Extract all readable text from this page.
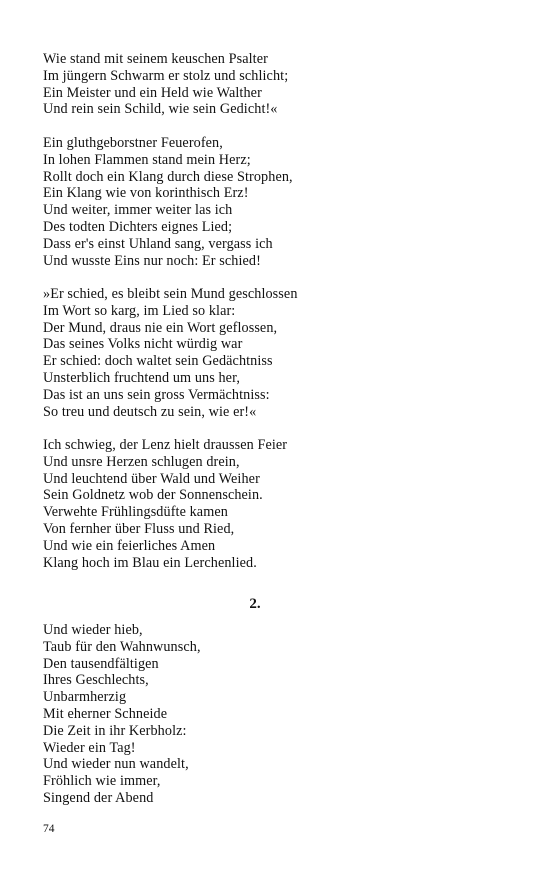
Wie stand mit seinem keuschen Psalter
Im jüngern Schwarm er stolz und schlicht;
Ein Meister und ein Held wie Walther
Und rein sein Schild, wie sein Gedicht!«
Ein gluthgeborstner Feuerofen,
In lohen Flammen stand mein Herz;
Rollt doch ein Klang durch diese Strophen,
Ein Klang wie von korinthisch Erz!
Und weiter, immer weiter las ich
Des todten Dichters eignes Lied;
Dass er's einst Uhland sang, vergass ich
Und wusste Eins nur noch: Er schied!
»Er schied, es bleibt sein Mund geschlossen
Im Wort so karg, im Lied so klar:
Der Mund, draus nie ein Wort geflossen,
Das seines Volks nicht würdig war
Er schied: doch waltet sein Gedächtniss
Unsterblich fruchtend um uns her,
Das ist an uns sein gross Vermächtniss:
So treu und deutsch zu sein, wie er!«
Ich schwieg, der Lenz hielt draussen Feier
Und unsre Herzen schlugen drein,
Und leuchtend über Wald und Weiher
Sein Goldnetz wob der Sonnenschein.
Verwehte Frühlingsdüfte kamen
Von fernher über Fluss und Ried,
Und wie ein feierliches Amen
Klang hoch im Blau ein Lerchenlied.
2.
Und wieder hieb,
Taub für den Wahnwunsch,
Den tausendfältigen
Ihres Geschlechts,
Unbarmherzig
Mit eherner Schneide
Die Zeit in ihr Kerbholz:
Wieder ein Tag!
Und wieder nun wandelt,
Fröhlich wie immer,
Singend der Abend
74
